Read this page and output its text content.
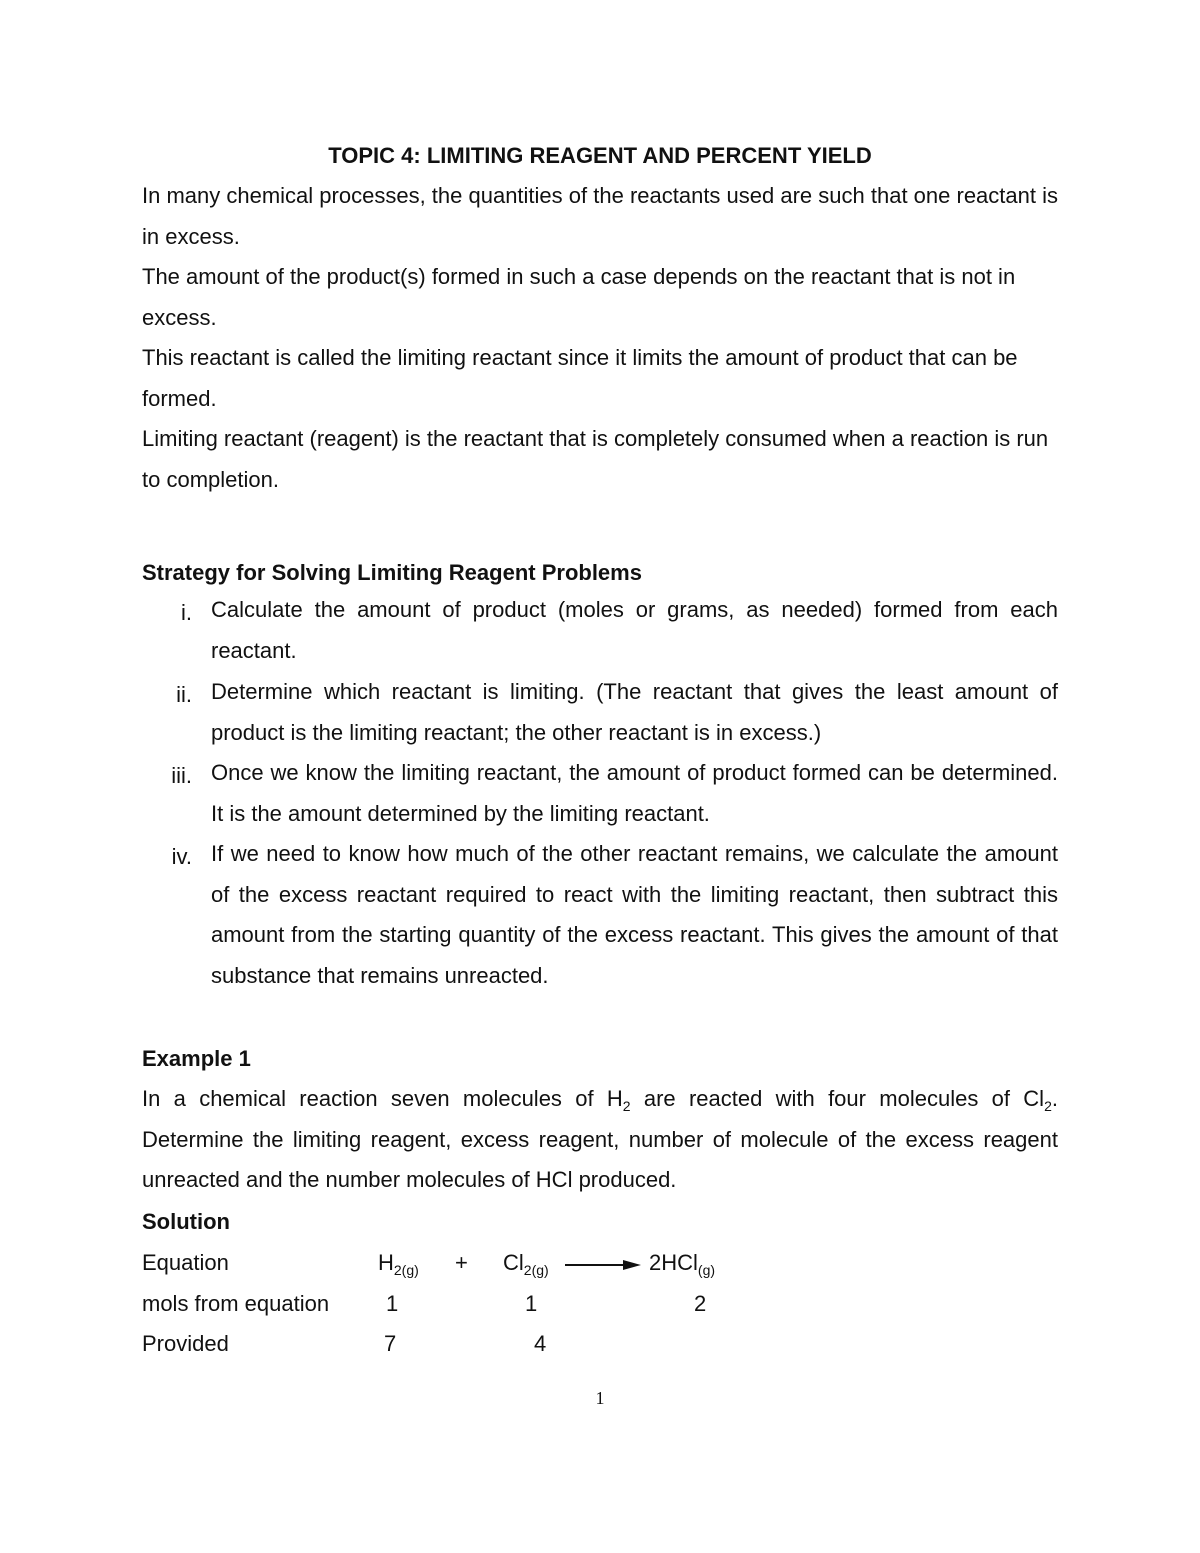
TOPIC 4: LIMITING REAGENT AND PERCENT YIELD
In many chemical processes, the quantities of the reactants used are such that one reactant is in excess.
The amount of the product(s) formed in such a case depends on the reactant that is not in excess.
This reactant is called the limiting reactant since it limits the amount of product that can be formed.
Limiting reactant (reagent) is the reactant that is completely consumed when a reaction is run to completion.
Strategy for Solving Limiting Reagent Problems
i. Calculate the amount of product (moles or grams, as needed) formed from each reactant.
ii. Determine which reactant is limiting. (The reactant that gives the least amount of product is the limiting reactant; the other reactant is in excess.)
iii. Once we know the limiting reactant, the amount of product formed can be determined. It is the amount determined by the limiting reactant.
iv. If we need to know how much of the other reactant remains, we calculate the amount of the excess reactant required to react with the limiting reactant, then subtract this amount from the starting quantity of the excess reactant. This gives the amount of that substance that remains unreacted.
Example 1
In a chemical reaction seven molecules of $H_2$ are reacted with four molecules of $Cl_2$. Determine the limiting reagent, excess reagent, number of molecule of the excess reagent unreacted and the number molecules of HCl produced.
Solution
Equation	$H_{2(g)} + Cl_{2(g)} \to 2HCl_{(g)}$
mols from equation	1	1	2
Provided	7	4
1
